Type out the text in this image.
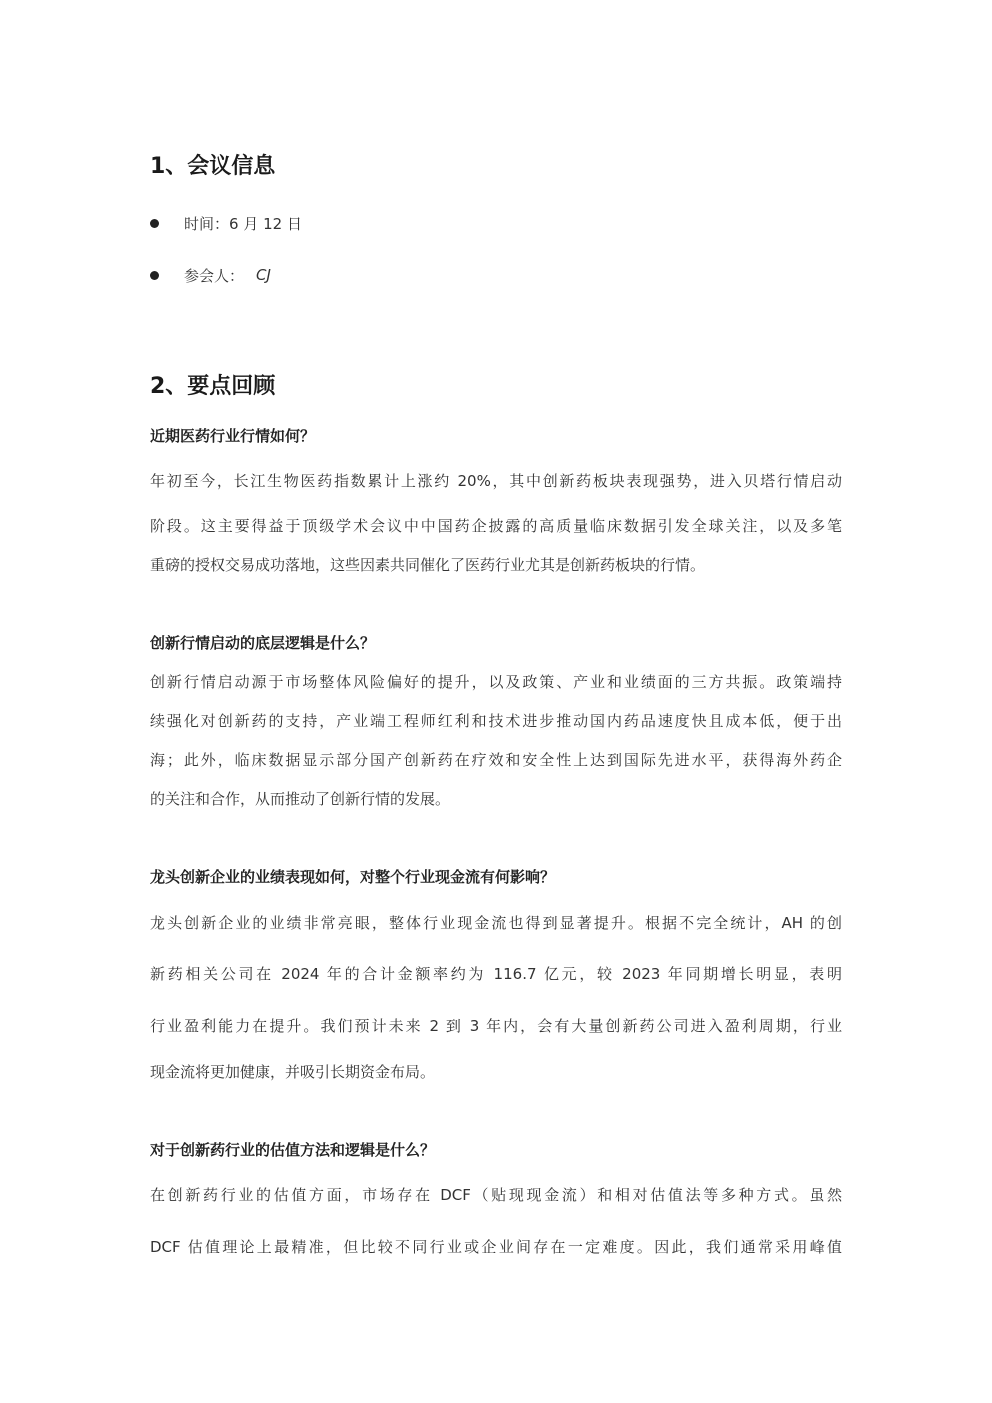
1、会议信息
时间： 6 月 12 日
参会人： CJ
2、要点回顾
近期医药行业行情如何？
年初至今，长江生物医药指数累计上涨约 20%，其中创新药板块表现强势，进入贝塔行情启动
阶段。这主要得益于顶级学术会议中中国药企披露的高质量临床数据引发全球关注，以及多笔
重磅的授权交易成功落地，这些因素共同催化了医药行业尤其是创新药板块的行情。
创新行情启动的底层逻辑是什么？
创新行情启动源于市场整体风险偏好的提升，以及政策、产业和业绩面的三方共振。政策端持
续强化对创新药的支持，产业端工程师红利和技术进步推动国内药品速度快且成本低，便于出
海；此外，临床数据显示部分国产创新药在疗效和安全性上达到国际先进水平，获得海外药企
的关注和合作，从而推动了创新行情的发展。
龙头创新企业的业绩表现如何，对整个行业现金流有何影响？
龙头创新企业的业绩非常亮眼，整体行业现金流也得到显著提升。根据不完全统计，AH 的创
新药相关公司在 2024 年的合计金额率约为 116.7 亿元，较 2023 年同期增长明显，表明
行业盈利能力在提升。我们预计未来 2 到 3 年内，会有大量创新药公司进入盈利周期，行业
现金流将更加健康，并吸引长期资金布局。
对于创新药行业的估值方法和逻辑是什么？
在创新药行业的估值方面，市场存在 DCF（贴现现金流）和相对估值法等多种方式。虽然
DCF 估值理论上最精准，但比较不同行业或企业间存在一定难度。因此，我们通常采用峰值
